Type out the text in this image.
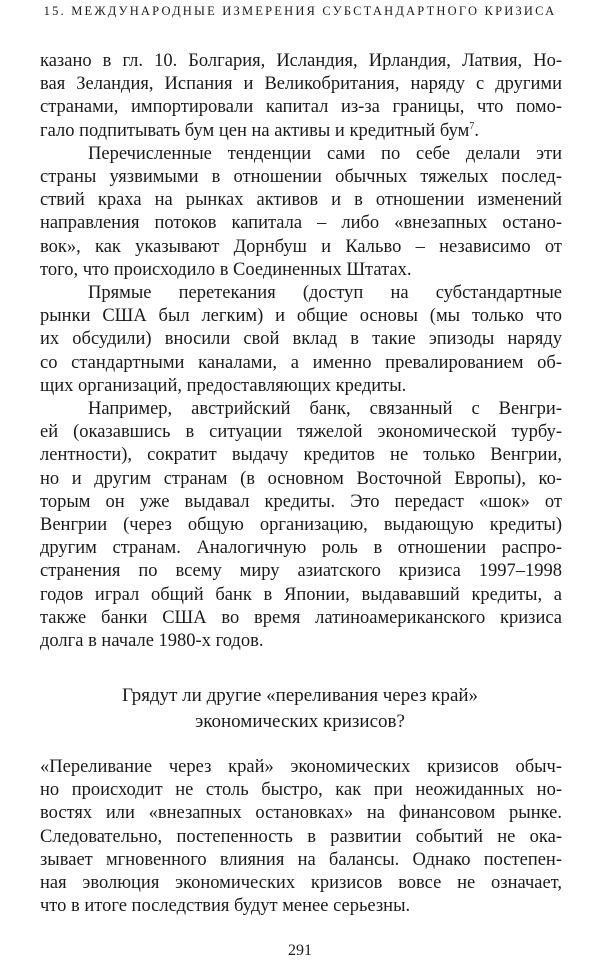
15. МЕЖДУНАРОДНЫЕ ИЗМЕРЕНИЯ СУБСТАНДАРТНОГО КРИЗИСА
казано в гл. 10. Болгария, Исландия, Ирландия, Латвия, Но-
вая Зеландия, Испания и Великобритания, наряду с другими
странами, импортировали капитал из-за границы, что помо-
гало подпитывать бум цен на активы и кредитный бум$^7$.
Перечисленные тенденции сами по себе делали эти
страны уязвимыми в отношении обычных тяжелых послед-
ствий краха на рынках активов и в отношении изменений
направления потоков капитала – либо «внезапных остано-
вок», как указывают Дорнбуш и Кальво – независимо от
того, что происходило в Соединенных Штатах.
Прямые перетекания (доступ на субстандартные
рынки США был легким) и общие основы (мы только что
их обсудили) вносили свой вклад в такие эпизоды наряду
со стандартными каналами, а именно превалированием об-
щих организаций, предоставляющих кредиты.
Например, австрийский банк, связанный с Венгри-
ей (оказавшись в ситуации тяжелой экономической турбу-
лентности), сократит выдачу кредитов не только Венгрии,
но и другим странам (в основном Восточной Европы), ко-
торым он уже выдавал кредиты. Это передаст «шок» от
Венгрии (через общую организацию, выдающую кредиты)
другим странам. Аналогичную роль в отношении распро-
странения по всему миру азиатского кризиса 1997–1998
годов играл общий банк в Японии, выдававший кредиты, а
также банки США во время латиноамериканского кризиса
долга в начале 1980-х годов.
Грядут ли другие «переливания через край»
экономических кризисов?
«Переливание через край» экономических кризисов обыч-
но происходит не столь быстро, как при неожиданных но-
востях или «внезапных остановках» на финансовом рынке.
Следовательно, постепенность в развитии событий не ока-
зывает мгновенного влияния на балансы. Однако постепен-
ная эволюция экономических кризисов вовсе не означает,
что в итоге последствия будут менее серьезны.
291
